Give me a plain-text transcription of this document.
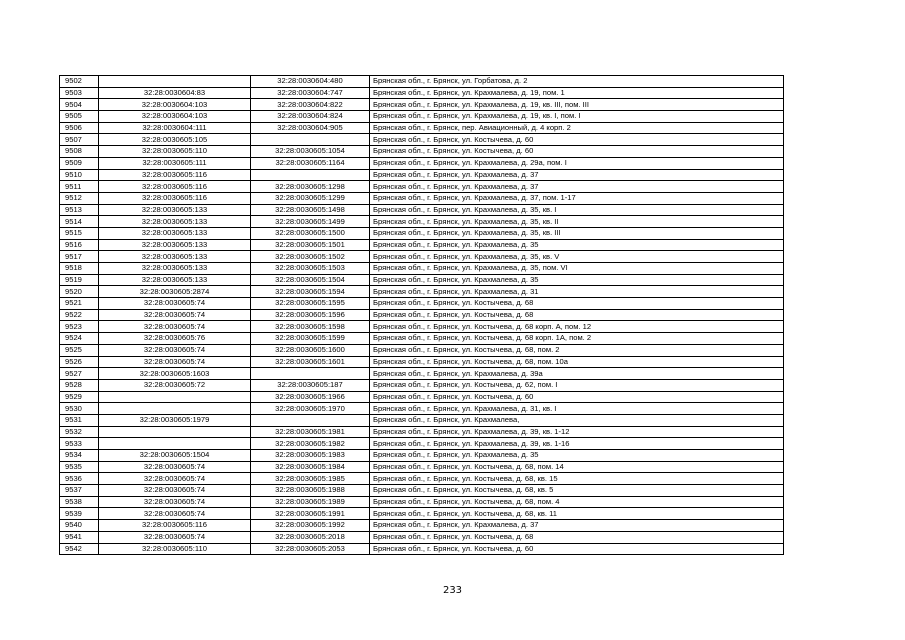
9502		32:28:0030604:480	Брянская обл., г. Брянск, ул. Горбатова, д. 2
9503	32:28:0030604:83	32:28:0030604:747	Брянская обл., г. Брянск, ул. Крахмалева, д. 19, пом. 1
9504	32:28:0030604:103	32:28:0030604:822	Брянская обл., г. Брянск, ул. Крахмалева, д. 19, кв. III, пом. III
9505	32:28:0030604:103	32:28:0030604:824	Брянская обл., г. Брянск, ул. Крахмалева, д. 19, кв. I, пом. I
9506	32:28:0030604:111	32:28:0030604:905	Брянская обл., г. Брянск, пер. Авиационный, д. 4 корп. 2
9507	32:28:0030605:105		Брянская обл., г. Брянск, ул. Костычева, д. 60
9508	32:28:0030605:110	32:28:0030605:1054	Брянская обл., г. Брянск, ул. Костычева, д. 60
9509	32:28:0030605:111	32:28:0030605:1164	Брянская обл., г. Брянск, ул. Крахмалева, д. 29а, пом. I
9510	32:28:0030605:116		Брянская обл., г. Брянск, ул. Крахмалева, д. 37
9511	32:28:0030605:116	32:28:0030605:1298	Брянская обл., г. Брянск, ул. Крахмалева, д. 37
9512	32:28:0030605:116	32:28:0030605:1299	Брянская обл., г. Брянск, ул. Крахмалева, д. 37, пом. 1-17
9513	32:28:0030605:133	32:28:0030605:1498	Брянская обл., г. Брянск, ул. Крахмалева, д. 35, кв. I
9514	32:28:0030605:133	32:28:0030605:1499	Брянская обл., г. Брянск, ул. Крахмалева, д. 35, кв. II
9515	32:28:0030605:133	32:28:0030605:1500	Брянская обл., г. Брянск, ул. Крахмалева, д. 35, кв. III
9516	32:28:0030605:133	32:28:0030605:1501	Брянская обл., г. Брянск, ул. Крахмалева, д. 35
9517	32:28:0030605:133	32:28:0030605:1502	Брянская обл., г. Брянск, ул. Крахмалева, д. 35, кв. V
9518	32:28:0030605:133	32:28:0030605:1503	Брянская обл., г. Брянск, ул. Крахмалева, д. 35, пом. VI
9519	32:28:0030605:133	32:28:0030605:1504	Брянская обл., г. Брянск, ул. Крахмалева, д. 35
9520	32:28:0030605:2874	32:28:0030605:1594	Брянская обл., г. Брянск, ул. Крахмалева, д. 31
9521	32:28:0030605:74	32:28:0030605:1595	Брянская обл., г. Брянск, ул. Костычева, д. 68
9522	32:28:0030605:74	32:28:0030605:1596	Брянская обл., г. Брянск, ул. Костычева, д. 68
9523	32:28:0030605:74	32:28:0030605:1598	Брянская обл., г. Брянск, ул. Костычева, д. 68 корп. А, пом. 12
9524	32:28:0030605:76	32:28:0030605:1599	Брянская обл., г. Брянск, ул. Костычева, д. 68 корп. 1А, пом. 2
9525	32:28:0030605:74	32:28:0030605:1600	Брянская обл., г. Брянск, ул. Костычева, д. 68, пом. 2
9526	32:28:0030605:74	32:28:0030605:1601	Брянская обл., г. Брянск, ул. Костычева, д. 68, пом. 10а
9527	32:28:0030605:1603		Брянская обл., г. Брянск, ул. Крахмалева, д. 39а
9528	32:28:0030605:72	32:28:0030605:187	Брянская обл., г. Брянск, ул. Костычева, д. 62, пом. I
9529		32:28:0030605:1966	Брянская обл., г. Брянск, ул. Костычева, д. 60
9530		32:28:0030605:1970	Брянская обл., г. Брянск, ул. Крахмалева, д. 31, кв. I
9531	32:28:0030605:1979		Брянская обл., г. Брянск, ул. Крахмалева,
9532		32:28:0030605:1981	Брянская обл., г. Брянск, ул. Крахмалева, д. 39, кв. 1-12
9533		32:28:0030605:1982	Брянская обл., г. Брянск, ул. Крахмалева, д. 39, кв. 1-16
9534	32:28:0030605:1504	32:28:0030605:1983	Брянская обл., г. Брянск, ул. Крахмалева, д. 35
9535	32:28:0030605:74	32:28:0030605:1984	Брянская обл., г. Брянск, ул. Костычева, д. 68, пом. 14
9536	32:28:0030605:74	32:28:0030605:1985	Брянская обл., г. Брянск, ул. Костычева, д. 68, кв. 15
9537	32:28:0030605:74	32:28:0030605:1988	Брянская обл., г. Брянск, ул. Костычева, д. 68, кв. 5
9538	32:28:0030605:74	32:28:0030605:1989	Брянская обл., г. Брянск, ул. Костычева, д. 68, пом. 4
9539	32:28:0030605:74	32:28:0030605:1991	Брянская обл., г. Брянск, ул. Костычева, д. 68, кв. 11
9540	32:28:0030605:116	32:28:0030605:1992	Брянская обл., г. Брянск, ул. Крахмалева, д. 37
9541	32:28:0030605:74	32:28:0030605:2018	Брянская обл., г. Брянск, ул. Костычева, д. 68
9542	32:28:0030605:110	32:28:0030605:2053	Брянская обл., г. Брянск, ул. Костычева, д. 60
233
